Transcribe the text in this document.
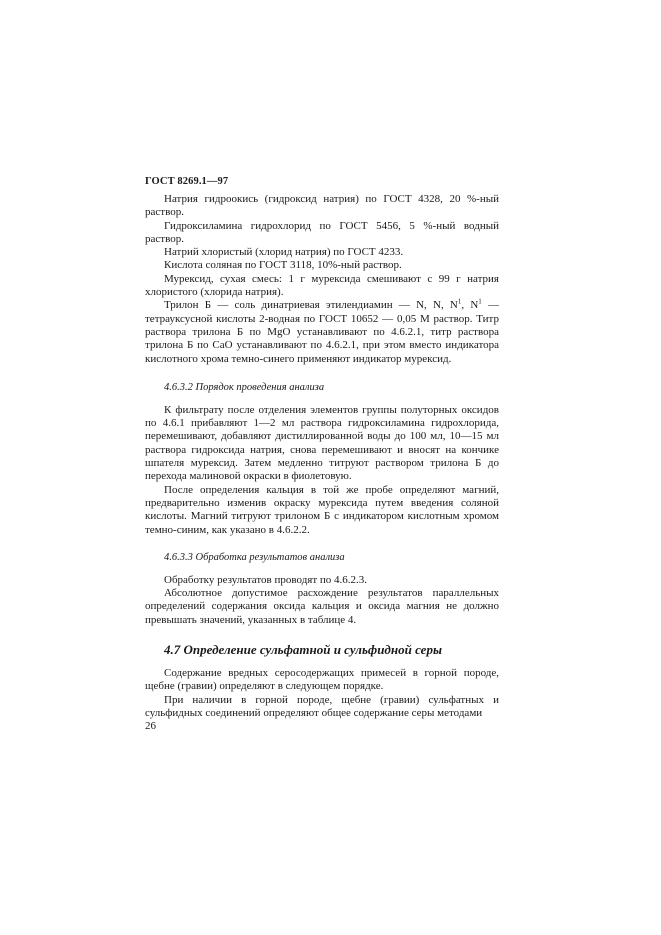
ГОСТ 8269.1—97

Натрия гидроокись (гидроксид натрия) по ГОСТ 4328, 20 %-ный раствор.

Гидроксиламина гидрохлорид по ГОСТ 5456, 5 %-ный водный раствор.

Натрий хлористый (хлорид натрия) по ГОСТ 4233.

Кислота соляная по ГОСТ 3118, 10%-ный раствор.

Мурексид, сухая смесь: 1 г мурексида смешивают с 99 г натрия хлористого (хлорида натрия).

Трилон Б — соль динатриевая этилендиамин — N, N, $N^1$, $N^1$ — тетрауксусной кислоты 2-водная по ГОСТ 10652 — 0,05 М раствор. Титр раствора трилона Б по MgO устанавливают по 4.6.2.1, титр раствора трилона Б по CaO устанавливают по 4.6.2.1, при этом вместо индикатора кислотного хрома темно-синего применяют индикатор мурексид.

4.6.3.2 Порядок проведения анализа

К фильтрату после отделения элементов группы полуторных оксидов по 4.6.1 прибавляют 1—2 мл раствора гидроксиламина гидрохлорида, перемешивают, добавляют дистиллированной воды до 100 мл, 10—15 мл раствора гидроксида натрия, снова перемешивают и вносят на кончике шпателя мурексид. Затем медленно титруют раствором трилона Б до перехода малиновой окраски в фиолетовую.

После определения кальция в той же пробе определяют магний, предварительно изменив окраску мурексида путем введения соляной кислоты. Магний титруют трилоном Б с индикатором кислотным хромом темно-синим, как указано в 4.6.2.2.

4.6.3.3 Обработка результатов анализа

Обработку результатов проводят по 4.6.2.3.

Абсолютное допустимое расхождение результатов параллельных определений содержания оксида кальция и оксида магния не должно превышать значений, указанных в таблице 4.

4.7 Определение сульфатной и сульфидной серы

Содержание вредных серосодержащих примесей в горной породе, щебне (гравии) определяют в следующем порядке.

При наличии в горной породе, щебне (гравии) сульфатных и сульфидных соединений определяют общее содержание серы методами

26
